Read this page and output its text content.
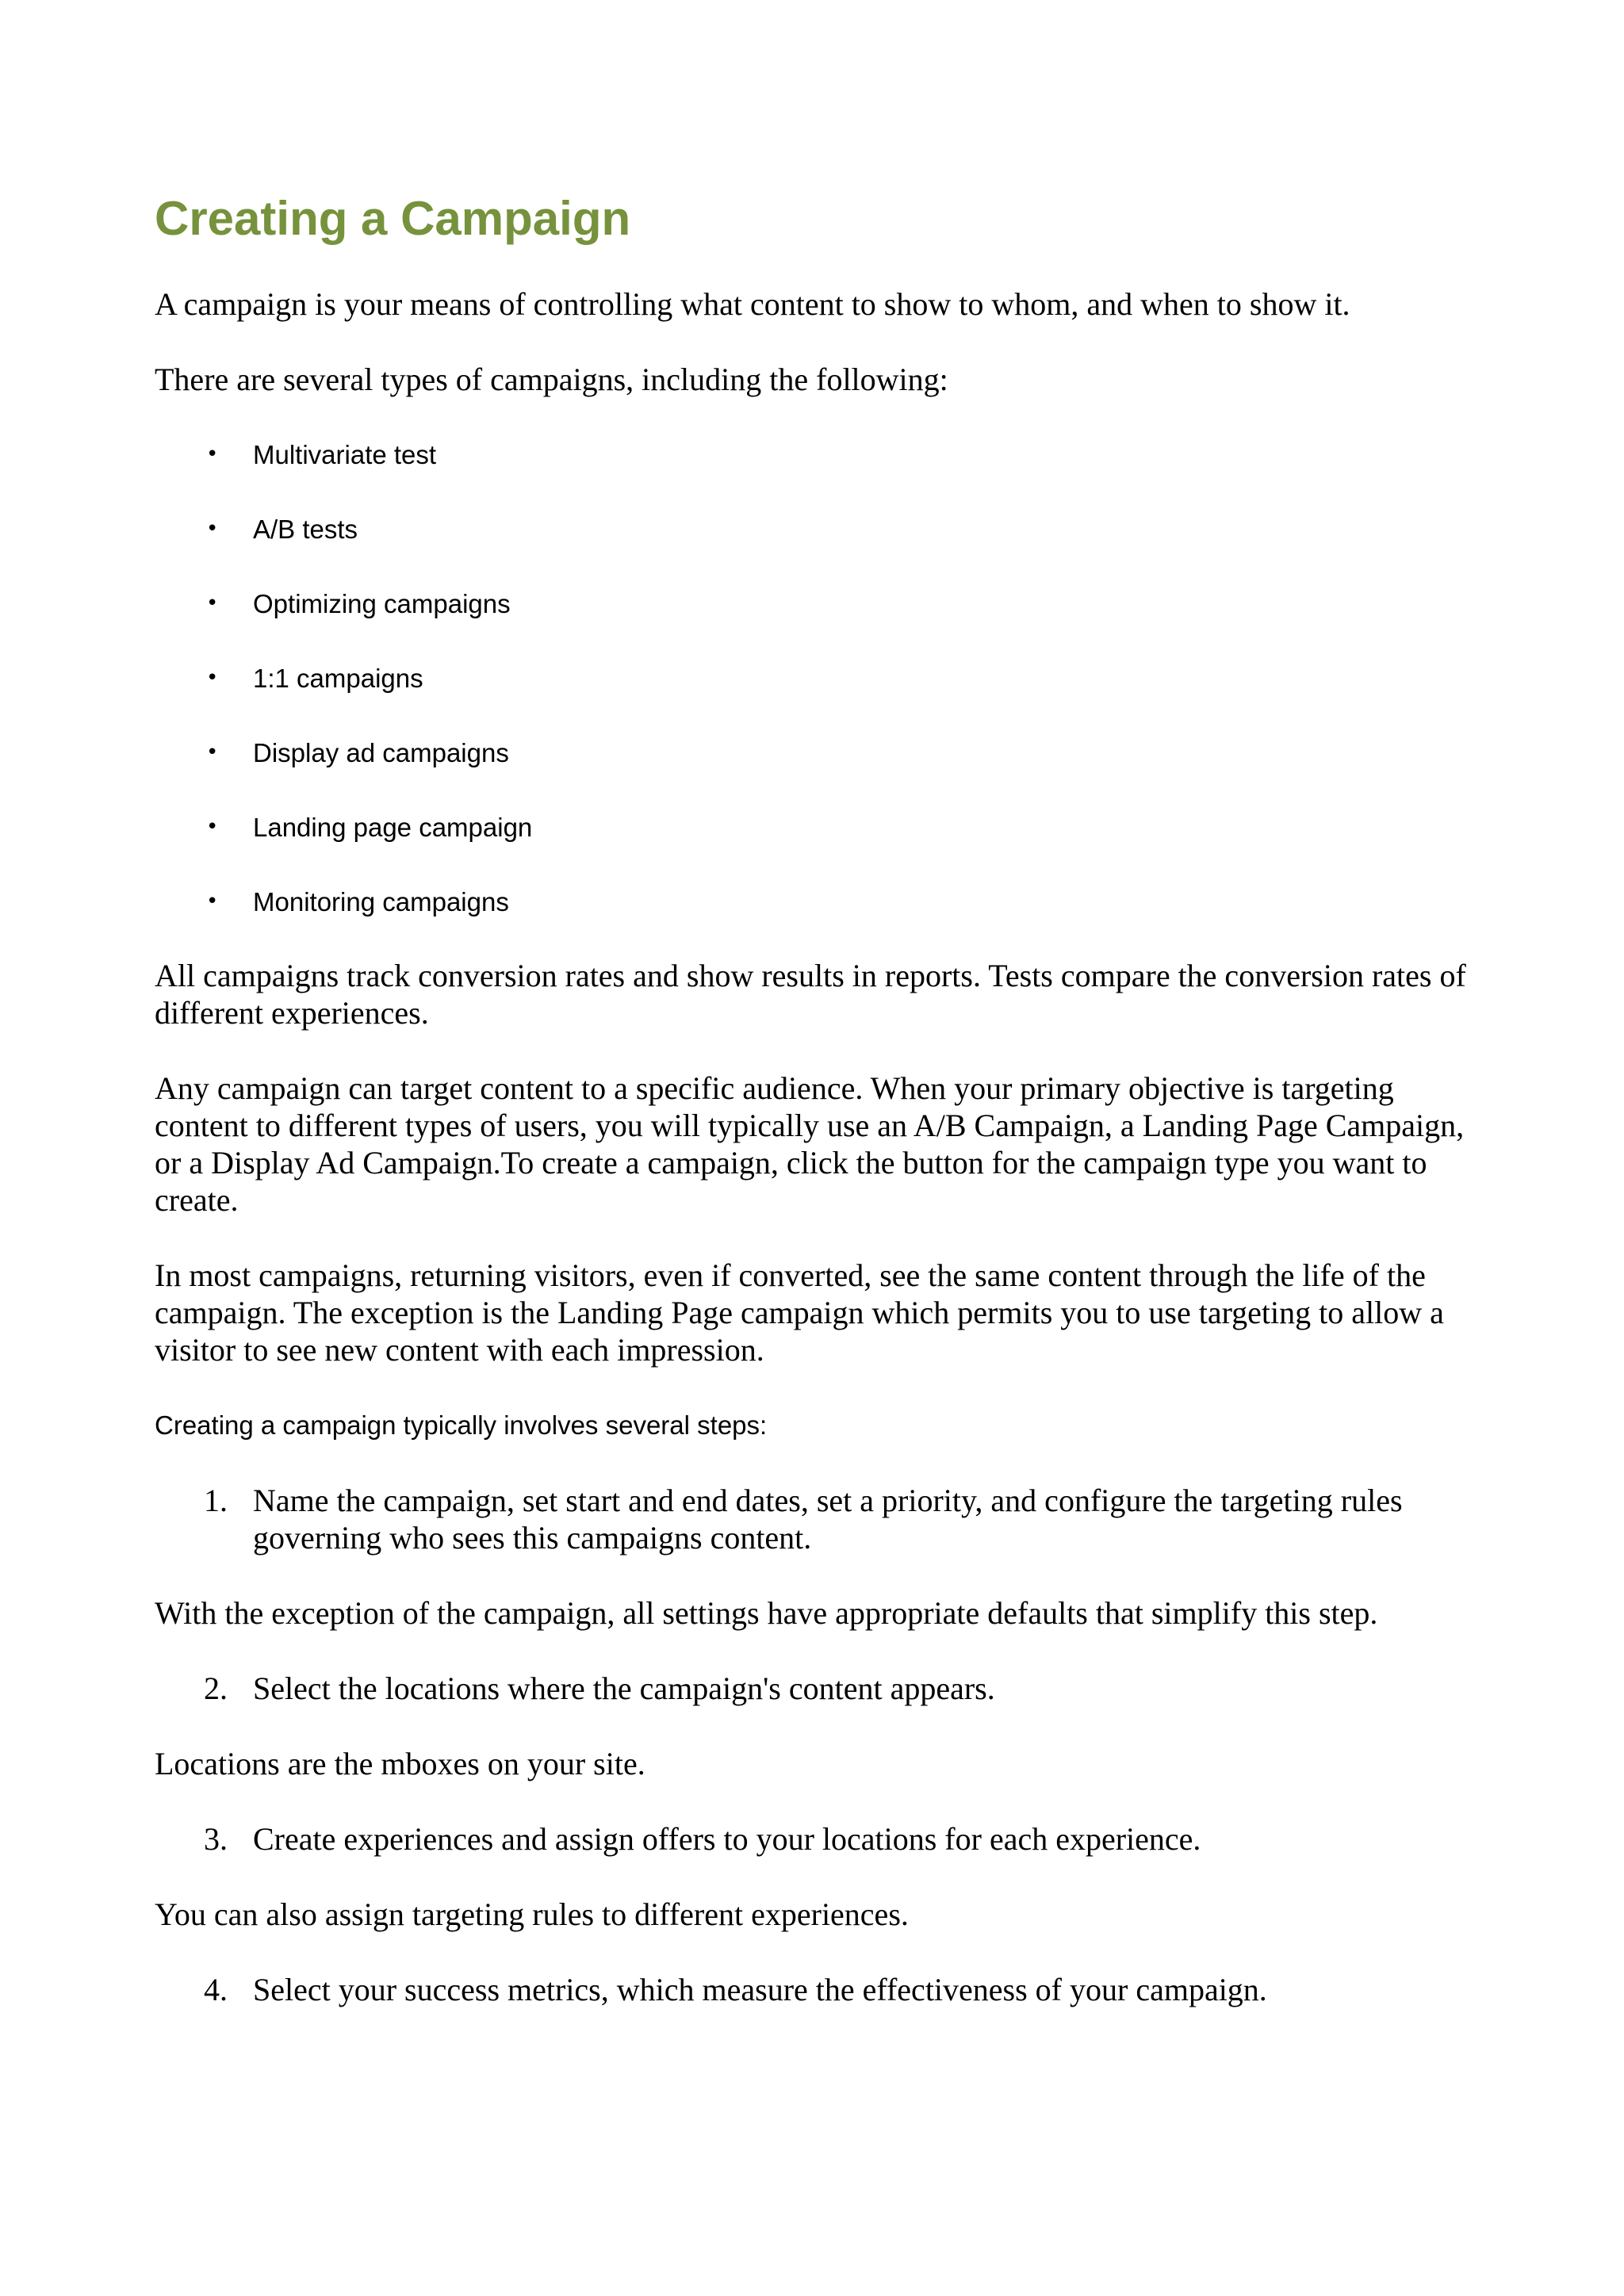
Creating a Campaign

A campaign is your means of controlling what content to show to whom, and when to show it.

There are several types of campaigns, including the following:

• Multivariate test
• A/B tests
• Optimizing campaigns
• 1:1 campaigns
• Display ad campaigns
• Landing page campaign
• Monitoring campaigns

All campaigns track conversion rates and show results in reports. Tests compare the conversion rates of different experiences.

Any campaign can target content to a specific audience. When your primary objective is targeting content to different types of users, you will typically use an A/B Campaign, a Landing Page Campaign, or a Display Ad Campaign.To create a campaign, click the button for the campaign type you want to create.

In most campaigns, returning visitors, even if converted, see the same content through the life of the campaign. The exception is the Landing Page campaign which permits you to use targeting to allow a visitor to see new content with each impression.

Creating a campaign typically involves several steps:

1. Name the campaign, set start and end dates, set a priority, and configure the targeting rules governing who sees this campaigns content.

With the exception of the campaign, all settings have appropriate defaults that simplify this step.

2. Select the locations where the campaign's content appears.

Locations are the mboxes on your site.

3. Create experiences and assign offers to your locations for each experience.

You can also assign targeting rules to different experiences.

4. Select your success metrics, which measure the effectiveness of your campaign.
